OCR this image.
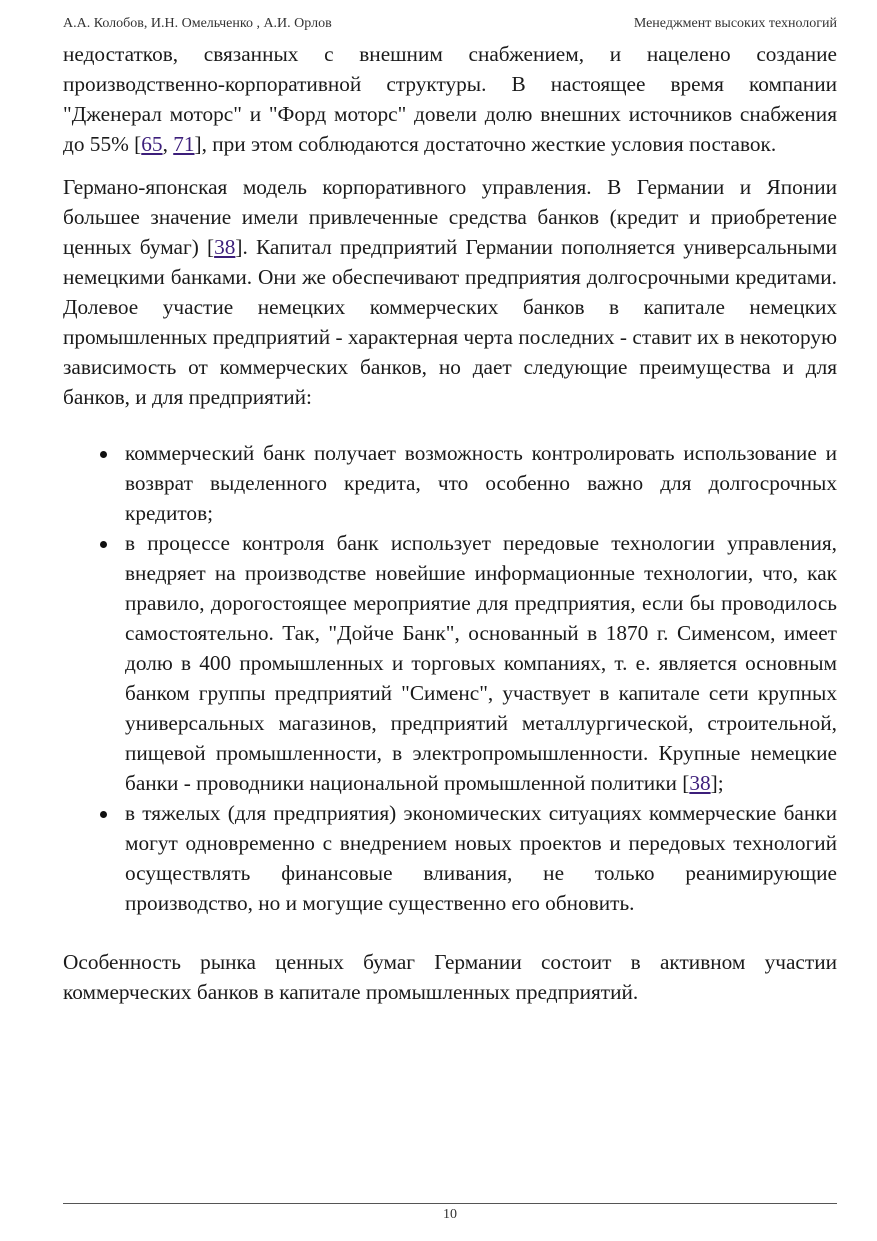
А.А. Колобов, И.Н. Омельченко , А.И. Орлов	Менеджмент высоких технологий

недостатков, связанных с внешним снабжением, и нацелено создание производственно-корпоративной структуры. В настоящее время компании "Дженерал моторс" и "Форд моторс" довели долю внешних источников снабжения до 55% [65, 71], при этом соблюдаются достаточно жесткие условия поставок.

Германо-японская модель корпоративного управления. В Германии и Японии большее значение имели привлеченные средства банков (кредит и приобретение ценных бумаг) [38]. Капитал предприятий Германии пополняется универсальными немецкими банками. Они же обеспечивают предприятия долгосрочными кредитами. Долевое участие немецких коммерческих банков в капитале немецких промышленных предприятий - характерная черта последних - ставит их в некоторую зависимость от коммерческих банков, но дает следующие преимущества и для банков, и для предприятий:

коммерческий банк получает возможность контролировать использование и возврат выделенного кредита, что особенно важно для долгосрочных кредитов;
в процессе контроля банк использует передовые технологии управления, внедряет на производстве новейшие информационные технологии, что, как правило, дорогостоящее мероприятие для предприятия, если бы проводилось самостоятельно. Так, "Дойче Банк", основанный в 1870 г. Сименсом, имеет долю в 400 промышленных и торговых компаниях, т. е. является основным банком группы предприятий "Сименс", участвует в капитале сети крупных универсальных магазинов, предприятий металлургической, строительной, пищевой промышленности, в электропромышленности. Крупные немецкие банки - проводники национальной промышленной политики [38];
в тяжелых (для предприятия) экономических ситуациях коммерческие банки могут одновременно с внедрением новых проектов и передовых технологий осуществлять финансовые вливания, не только реанимирующие производство, но и могущие существенно его обновить.

Особенность рынка ценных бумаг Германии состоит в активном участии коммерческих банков в капитале промышленных предприятий.

10
